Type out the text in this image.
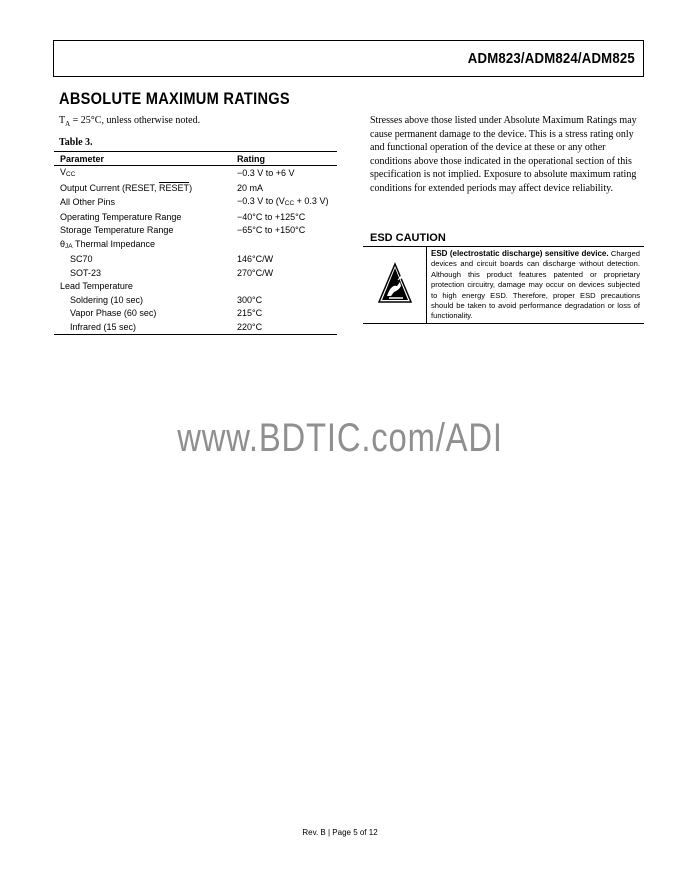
ADM823/ADM824/ADM825
ABSOLUTE MAXIMUM RATINGS
$T_A = 25^\circ C$, unless otherwise noted.
Table 3.
Parameter	Rating
VCC	−0.3 V to +6 V
Output Current (RESET, RESET)	20 mA
All Other Pins	−0.3 V to (VCC + 0.3 V)
Operating Temperature Range	−40°C to +125°C
Storage Temperature Range	−65°C to +150°C
θJA Thermal Impedance	
SC70	146°C/W
SOT-23	270°C/W
Lead Temperature	
Soldering (10 sec)	300°C
Vapor Phase (60 sec)	215°C
Infrared (15 sec)	220°C
Stresses above those listed under Absolute Maximum Ratings may cause permanent damage to the device. This is a stress rating only and functional operation of the device at these or any other conditions above those indicated in the operational section of this specification is not implied. Exposure to absolute maximum rating conditions for extended periods may affect device reliability.
ESD CAUTION
ESD (electrostatic discharge) sensitive device. Charged devices and circuit boards can discharge without detection. Although this product features patented or proprietary protection circuitry, damage may occur on devices subjected to high energy ESD. Therefore, proper ESD precautions should be taken to avoid performance degradation or loss of functionality.
www.BDTIC.com/ADI
Rev. B | Page 5 of 12
